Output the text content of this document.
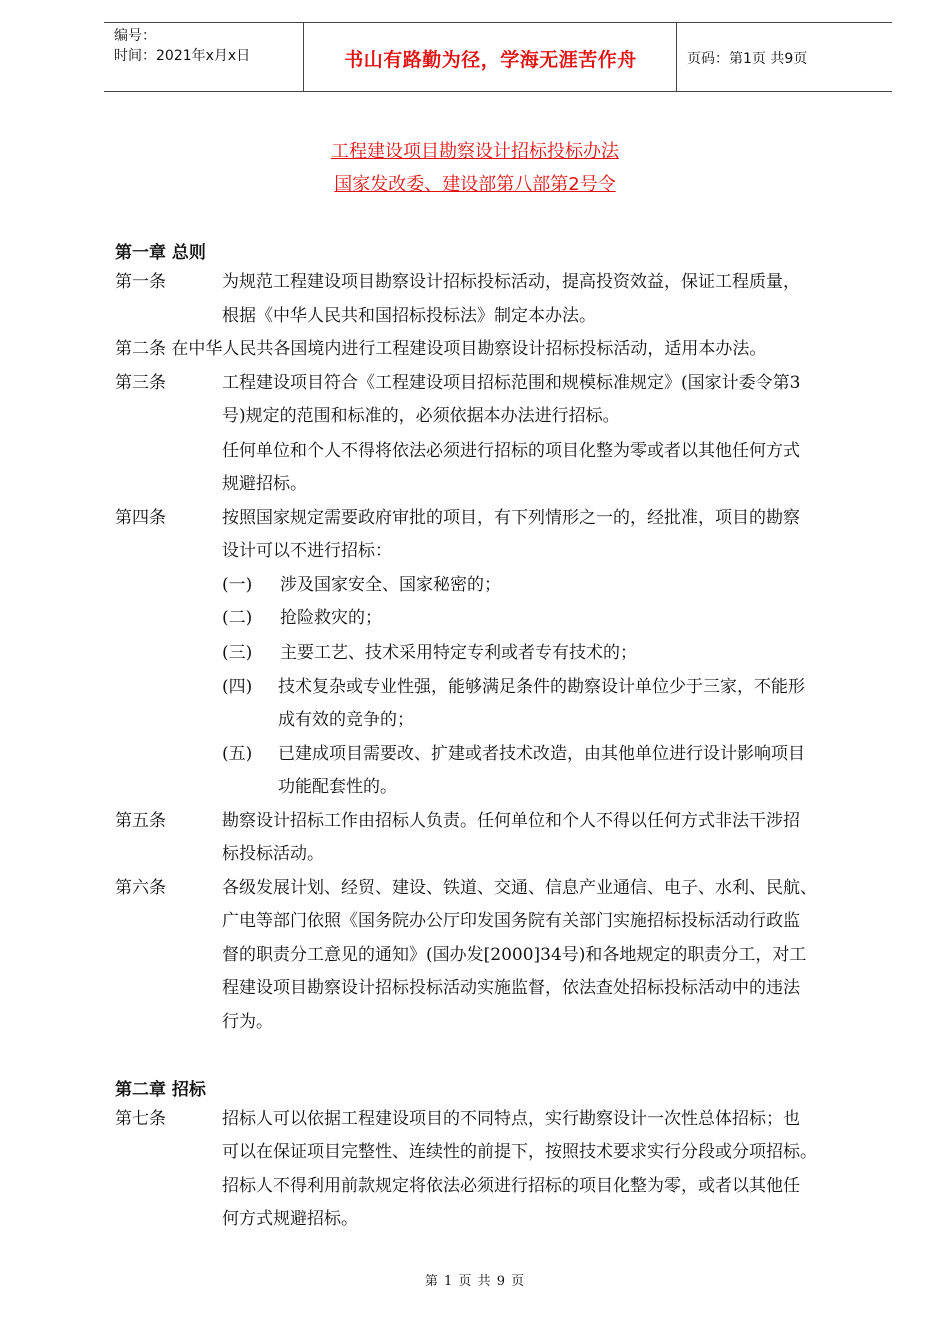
编号：
时间：2021年x月x日	书山有路勤为径，学海无涯苦作舟	页码：第1页 共9页
工程建设项目勘察设计招标投标办法
国家发改委、建设部第八部第2号令
第一章 总则
第一条	为规范工程建设项目勘察设计招标投标活动，提高投资效益，保证工程质量，
根据《中华人民共和国招标投标法》制定本办法。
第二条 在中华人民共各国境内进行工程建设项目勘察设计招标投标活动，适用本办法。
第三条	工程建设项目符合《工程建设项目招标范围和规模标准规定》(国家计委令第3
号)规定的范围和标准的，必须依据本办法进行招标。
任何单位和个人不得将依法必须进行招标的项目化整为零或者以其他任何方式
规避招标。
第四条	按照国家规定需要政府审批的项目，有下列情形之一的，经批准，项目的勘察
设计可以不进行招标：
(一) 涉及国家安全、国家秘密的；
(二) 抢险救灾的；
(三) 主要工艺、技术采用特定专利或者专有技术的；
(四) 技术复杂或专业性强，能够满足条件的勘察设计单位少于三家，不能形
成有效的竞争的；
(五) 已建成项目需要改、扩建或者技术改造，由其他单位进行设计影响项目
功能配套性的。
第五条	勘察设计招标工作由招标人负责。任何单位和个人不得以任何方式非法干涉招
标投标活动。
第六条	各级发展计划、经贸、建设、铁道、交通、信息产业通信、电子、水利、民航、
广电等部门依照《国务院办公厅印发国务院有关部门实施招标投标活动行政监
督的职责分工意见的通知》(国办发[2000]34号)和各地规定的职责分工，对工
程建设项目勘察设计招标投标活动实施监督，依法查处招标投标活动中的违法
行为。
第二章 招标
第七条	招标人可以依据工程建设项目的不同特点，实行勘察设计一次性总体招标；也
可以在保证项目完整性、连续性的前提下，按照技术要求实行分段或分项招标。
招标人不得利用前款规定将依法必须进行招标的项目化整为零，或者以其他任
何方式规避招标。
第 1 页 共 9 页
